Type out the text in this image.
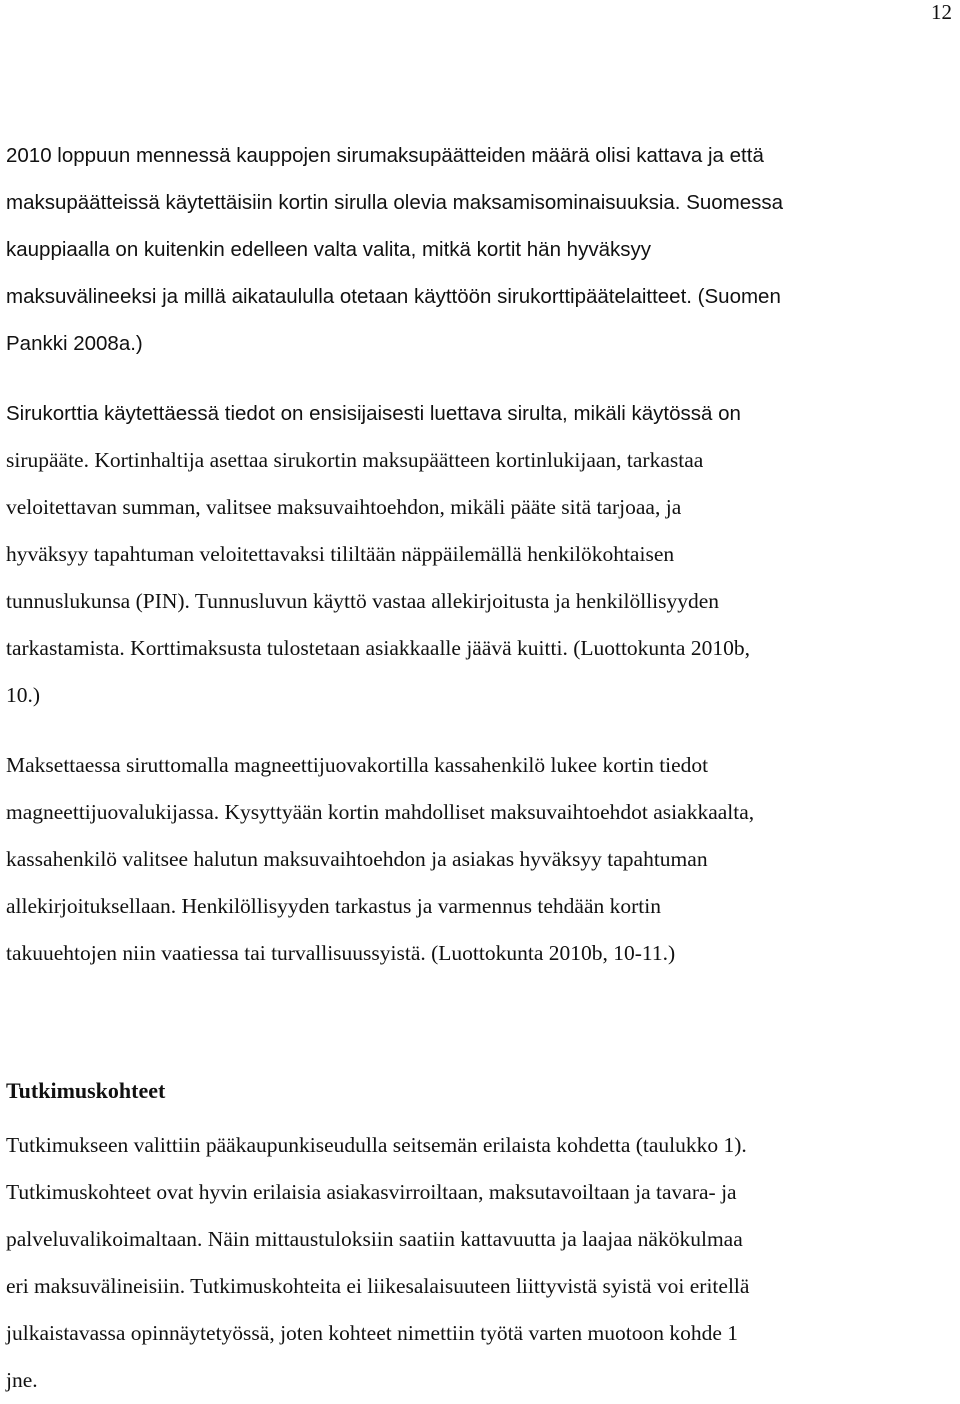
12

2010 loppuun mennessä kauppojen sirumaksupäätteiden määrä olisi kattava ja että
maksupäätteissä käytettäisiin kortin sirulla olevia maksamisominaisuuksia. Suomessa
kauppiaalla on kuitenkin edelleen valta valita, mitkä kortit hän hyväksyy
maksuvälineeksi ja millä aikataululla otetaan käyttöön sirukorttipäätelaitteet. (Suomen
Pankki 2008a.)

Sirukorttia käytettäessä tiedot on ensisijaisesti luettava sirulta, mikäli käytössä on
sirupääte. Kortinhaltija asettaa sirukortin maksupäätteen kortinlukijaan, tarkastaa
veloitettavan summan, valitsee maksuvaihtoehdon, mikäli pääte sitä tarjoaa, ja
hyväksyy tapahtuman veloitettavaksi tililtään näppäilemällä henkilökohtaisen
tunnuslukunsa (PIN). Tunnusluvun käyttö vastaa allekirjoitusta ja henkilöllisyyden
tarkastamista. Korttimaksusta tulostetaan asiakkaalle jäävä kuitti. (Luottokunta 2010b,
10.)

Maksettaessa siruttomalla magneettijuovakortilla kassahenkilö lukee kortin tiedot
magneettijuovalukijassa. Kysyttyään kortin mahdolliset maksuvaihtoehdot asiakkaalta,
kassahenkilö valitsee halutun maksuvaihtoehdon ja asiakas hyväksyy tapahtuman
allekirjoituksellaan. Henkilöllisyyden tarkastus ja varmennus tehdään kortin
takuuehtojen niin vaatiessa tai turvallisuussyistä. (Luottokunta 2010b, 10-11.)

Tutkimuskohteet

Tutkimukseen valittiin pääkaupunkiseudulla seitsemän erilaista kohdetta (taulukko 1).
Tutkimuskohteet ovat hyvin erilaisia asiakasvirroiltaan, maksutavoiltaan ja tavara- ja
palveluvalikoimaltaan. Näin mittaustuloksiin saatiin kattavuutta ja laajaa näkökulmaa
eri maksuvälineisiin. Tutkimuskohteita ei liikesalaisuuteen liittyvistä syistä voi eritellä
julkaistavassa opinnäytetyössä, joten kohteet nimettiin työtä varten muotoon kohde 1
jne.
